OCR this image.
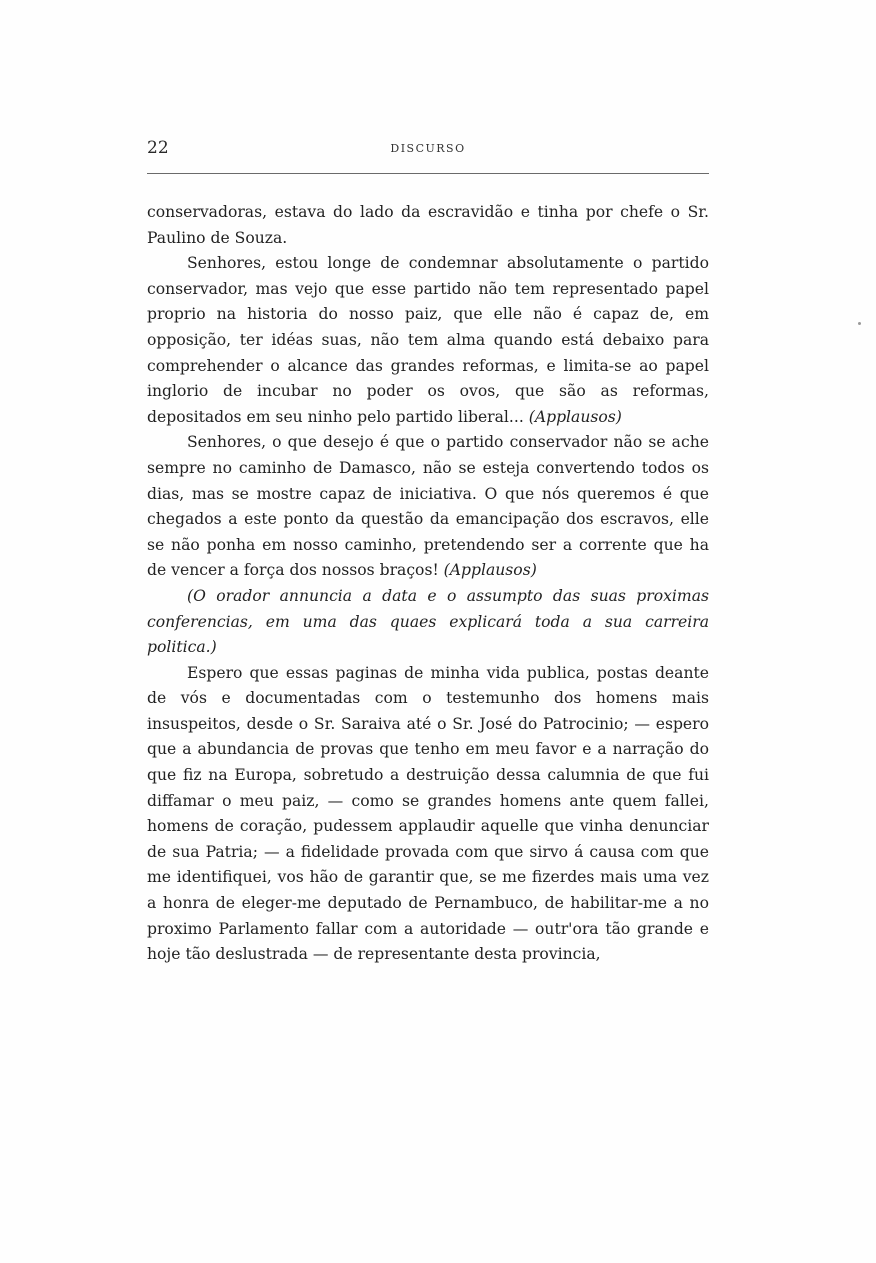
22	DISCURSO

conservadoras, estava do lado da escravidão e tinha por chefe o Sr. Paulino de Souza.

Senhores, estou longe de condemnar absolutamente o partido conservador, mas vejo que esse partido não tem representado papel proprio na historia do nosso paiz, que elle não é capaz de, em opposição, ter idéas suas, não tem alma quando está debaixo para comprehender o alcance das grandes reformas, e limita-se ao papel inglorio de incubar no poder os ovos, que são as reformas, depositados em seu ninho pelo partido liberal... (Applausos)

Senhores, o que desejo é que o partido conservador não se ache sempre no caminho de Damasco, não se esteja convertendo todos os dias, mas se mostre capaz de iniciativa. O que nós queremos é que chegados a este ponto da questão da emancipação dos escravos, elle se não ponha em nosso caminho, pretendendo ser a corrente que ha de vencer a força dos nossos braços! (Applausos)

(O orador annuncia a data e o assumpto das suas proximas conferencias, em uma das quaes explicará toda a sua carreira politica.)

Espero que essas paginas de minha vida publica, postas deante de vós e documentadas com o testemunho dos homens mais insuspeitos, desde o Sr. Saraiva até o Sr. José do Patrocinio; — espero que a abundancia de provas que tenho em meu favor e a narração do que fiz na Europa, sobretudo a destruição dessa calumnia de que fui diffamar o meu paiz, — como se grandes homens ante quem fallei, homens de coração, pudessem applaudir aquelle que vinha denunciar de sua Patria; — a fidelidade provada com que sirvo á causa com que me identifiquei, vos hão de garantir que, se me fizerdes mais uma vez a honra de eleger-me deputado de Pernambuco, de habilitar-me a no proximo Parlamento fallar com a autoridade — outr'ora tão grande e hoje tão deslustrada — de representante desta provincia,
